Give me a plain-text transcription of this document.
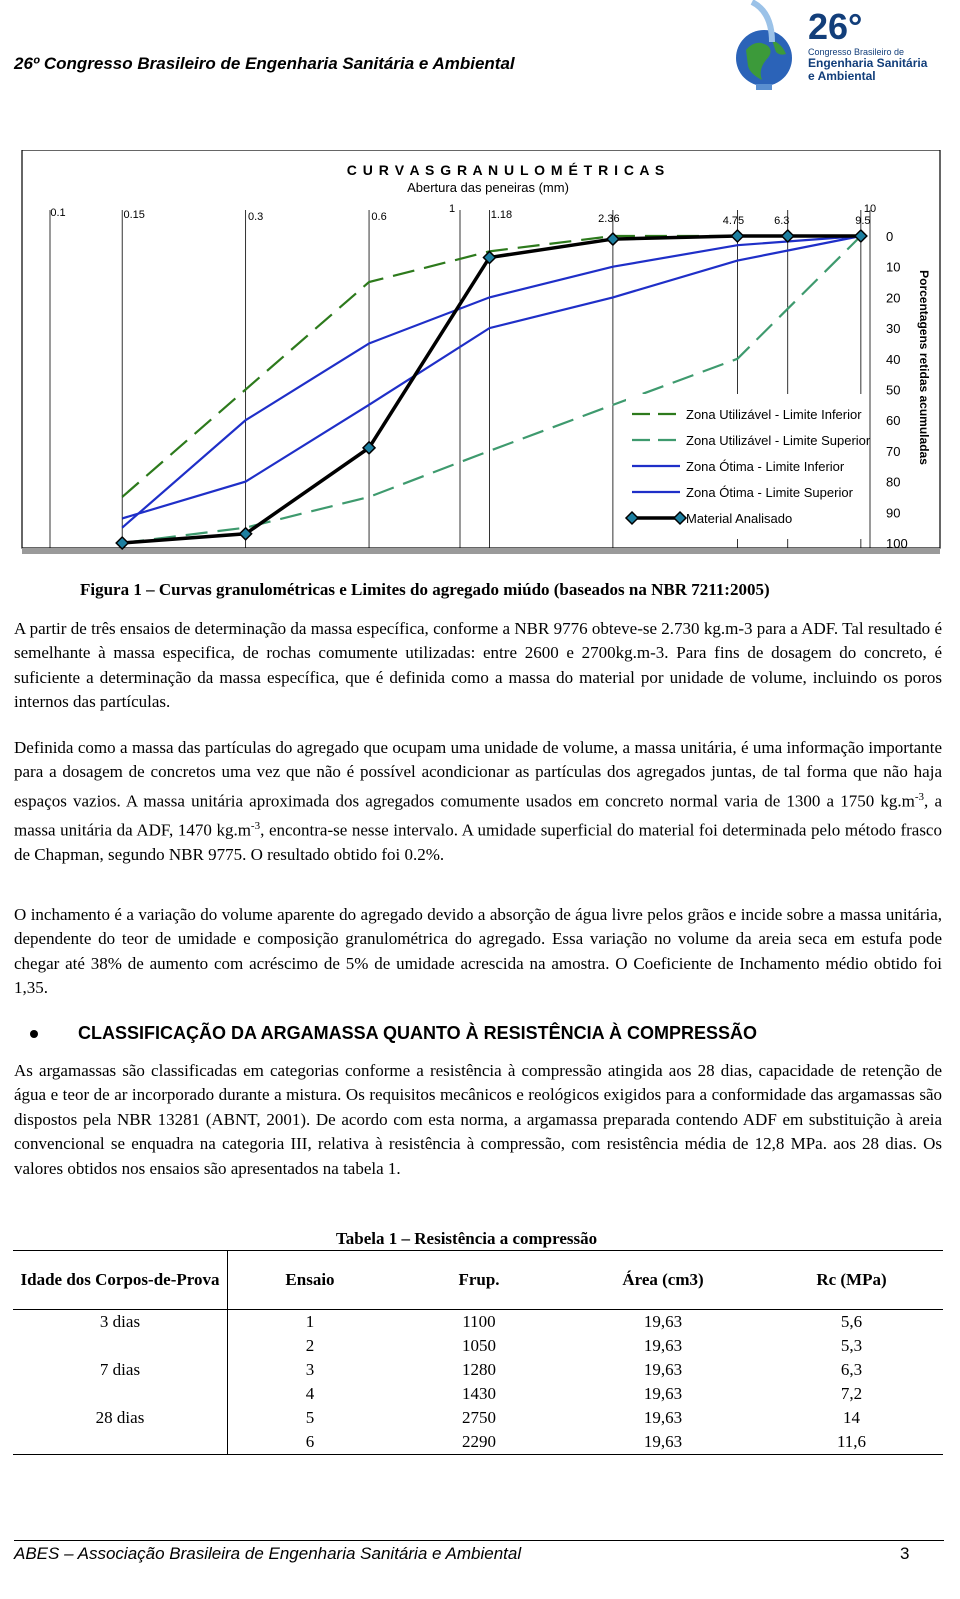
26º Congresso Brasileiro de Engenharia Sanitária e Ambiental
26°
Congresso Brasileiro de
Engenharia Sanitária
e Ambiental
C U R V A S G R A N U L O M É T R I C A S
Abertura das peneiras (mm)
0.1	0.15	0.3	0.6
1	1.18	2.36	4.75	6.3	9.5
10
0
10
20
30
40
50
60
70
80
90
100
Porcentagens retidas acumuladas
Zona Utilizável - Limite Inferior
Zona Utilizável - Limite Superior
Zona Ótima - Limite Inferior
Zona Ótima - Limite Superior
Material Analisado
Figura 1 – Curvas granulométricas e Limites do agregado miúdo (baseados na NBR 7211:2005)
A partir de três ensaios de determinação da massa específica, conforme a NBR 9776 obteve-se 2.730 kg.m-3 para a ADF. Tal resultado é semelhante à massa especifica, de rochas comumente utilizadas: entre 2600 e 2700kg.m-3. Para fins de dosagem do concreto, é suficiente a determinação da massa específica, que é definida como a massa do material por unidade de volume, incluindo os poros internos das partículas.
Definida como a massa das partículas do agregado que ocupam uma unidade de volume, a massa unitária, é uma informação importante para a dosagem de concretos uma vez que não é possível acondicionar as partículas dos agregados juntas, de tal forma que não haja espaços vazios. A massa unitária aproximada dos agregados comumente usados em concreto normal varia de 1300 a 1750 $kg.m^{-3}$, a massa unitária da ADF, 1470 $kg.m^{-3}$, encontra-se nesse intervalo. A umidade superficial do material foi determinada pelo método frasco de Chapman, segundo NBR 9775. O resultado obtido foi 0.2%.
O inchamento é a variação do volume aparente do agregado devido a absorção de água livre pelos grãos e incide sobre a massa unitária, dependente do teor de umidade e composição granulométrica do agregado. Essa variação no volume da areia seca em estufa pode chegar até 38% de aumento com acréscimo de 5% de umidade acrescida na amostra. O Coeficiente de Inchamento médio obtido foi 1,35.
CLASSIFICAÇÃO DA ARGAMASSA QUANTO À RESISTÊNCIA À COMPRESSÃO
As argamassas são classificadas em categorias conforme a resistência à compressão atingida aos 28 dias, capacidade de retenção de água e teor de ar incorporado durante a mistura. Os requisitos mecânicos e reológicos exigidos para a conformidade das argamassas são dispostos pela NBR 13281 (ABNT, 2001). De acordo com esta norma, a argamassa preparada contendo ADF em substituição à areia convencional se enquadra na categoria III, relativa à resistência à compressão, com resistência média de 12,8 MPa. aos 28 dias. Os valores obtidos nos ensaios são apresentados na tabela 1.
Tabela 1 – Resistência a compressão
Idade dos Corpos-de-Prova	Ensaio	Frup.	Área (cm3)	Rc (MPa)
3 dias	1	1100	19,63	5,6
	2	1050	19,63	5,3
7 dias	3	1280	19,63	6,3
	4	1430	19,63	7,2
28 dias	5	2750	19,63	14
	6	2290	19,63	11,6
ABES – Associação Brasileira de Engenharia Sanitária e Ambiental	3
